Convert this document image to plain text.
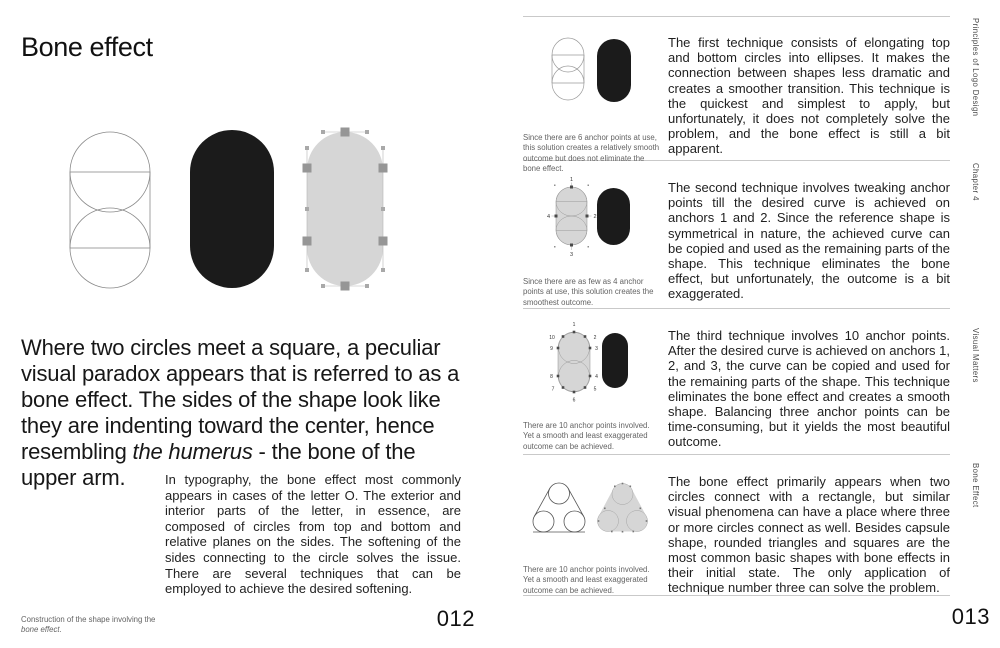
Bone effect

Where two circles meet a square, a peculiar visual paradox appears that is referred to as a bone effect. The sides of the shape look like they are indenting toward the center, hence resembling the humerus - the bone of the upper arm.	In typography, the bone effect most commonly appears in cases of the letter O. The exterior and interior parts of the letter, in essence, are composed of circles from top and bottom and relative planes on the sides. The softening of the sides connecting to the circle solves the issue. There are several techniques that can be employed to achieve the desired softening.

Construction of the shape involving the bone effect.	012

The first technique consists of elongating top and bottom circles into ellipses. It makes the connection between shapes less dramatic and creates a smoother transition. This technique is the quickest and simplest to apply, but unfortunately, it does not completely solve the problem, and the bone effect is still a bit apparent.

Since there are 6 anchor points at use, this solution creates a relatively smooth outcome but does not eliminate the bone effect.

1
2
3
4

The second technique involves tweaking anchor points till the desired curve is achieved on anchors 1 and 2. Since the reference shape is symmetrical in nature, the achieved curve can be copied and used as the remaining parts of the shape. This technique eliminates the bone effect, but unfortunately, the outcome is a bit exaggerated.

Since there are as few as 4 anchor points at use, this solution creates the smoothest outcome.

1
2
3
4
5
6
7
8
9
10	The third technique involves 10 anchor points. After the desired curve is achieved on anchors 1, 2, and 3, the curve can be copied and used for the remaining parts of the shape. This technique eliminates the bone effect and creates a smooth shape. Balancing three anchor points can be time-consuming, but it yields the most beautiful outcome.

There are 10 anchor points involved. Yet a smooth and least exaggerated outcome can be achieved.

The bone effect primarily appears when two circles connect with a rectangle, but similar visual phenomena can have a place where three or more circles connect as well. Besides capsule shape, rounded triangles and squares are the most common basic shapes with bone effects in their initial state. The only application of technique number three can solve the problem.

There are 10 anchor points involved. Yet a smooth and least exaggerated outcome can be achieved.

013
Principles of Logo Design
Chapter 4
Visual Matters
Bone Effect
